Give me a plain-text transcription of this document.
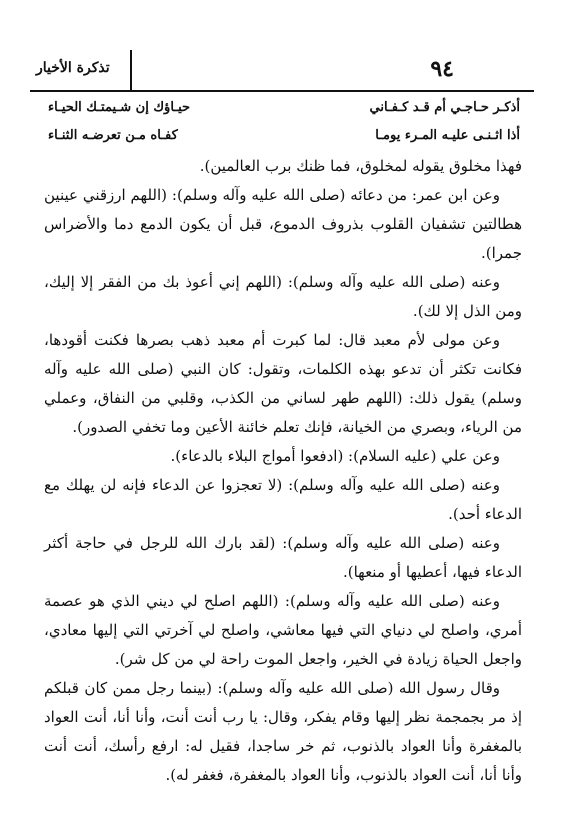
تذكرة الأخيار	٩٤
أذكـر حـاجـي أم قـد كـفـاني
حيـاؤك إن شـيمتـك الحيـاء
أذا اثـنـى عليـه المـرء يومـا
كفـاه مـن تعرضـه الثنـاء

فهذا مخلوق يقوله لمخلوق، فما ظنك برب العالمين).

وعن ابن عمر: من دعائه (صلى الله عليه وآله وسلم): (اللهم ارزقني عينين هطالتين تشفيان القلوب بذروف الدموع، قبل أن يكون الدمع دما والأضراس جمرا).

وعنه (صلى الله عليه وآله وسلم): (اللهم إني أعوذ بك من الفقر إلا إليك، ومن الذل إلا لك).

وعن مولى لأم معبد قال: لما كبرت أم معبد ذهب بصرها فكنت أقودها، فكانت تكثر أن تدعو بهذه الكلمات، وتقول: كان النبي (صلى الله عليه وآله وسلم) يقول ذلك: (اللهم طهر لساني من الكذب، وقلبي من النفاق، وعملي من الرياء، وبصري من الخيانة، فإنك تعلم خائنة الأعين وما تخفي الصدور).

وعن علي (عليه السلام): (ادفعوا أمواج البلاء بالدعاء).

وعنه (صلى الله عليه وآله وسلم): (لا تعجزوا عن الدعاء فإنه لن يهلك مع الدعاء أحد).

وعنه (صلى الله عليه وآله وسلم): (لقد بارك الله للرجل في حاجة أكثر الدعاء فيها، أعطيها أو منعها).

وعنه (صلى الله عليه وآله وسلم): (اللهم اصلح لي ديني الذي هو عصمة أمري، واصلح لي دنياي التي فيها معاشي، واصلح لي آخرتي التي إليها معادي، واجعل الحياة زيادة في الخير، واجعل الموت راحة لي من كل شر).

وقال رسول الله (صلى الله عليه وآله وسلم): (بينما رجل ممن كان قبلكم إذ مر بجمجمة نظر إليها وقام يفكر، وقال: يا رب أنت أنت، وأنا أنا، أنت العواد بالمغفرة وأنا العواد بالذنوب، ثم خر ساجدا، فقيل له: ارفع رأسك، أنت أنت وأنا أنا، أنت العواد بالذنوب، وأنا العواد بالمغفرة، فغفر له).
